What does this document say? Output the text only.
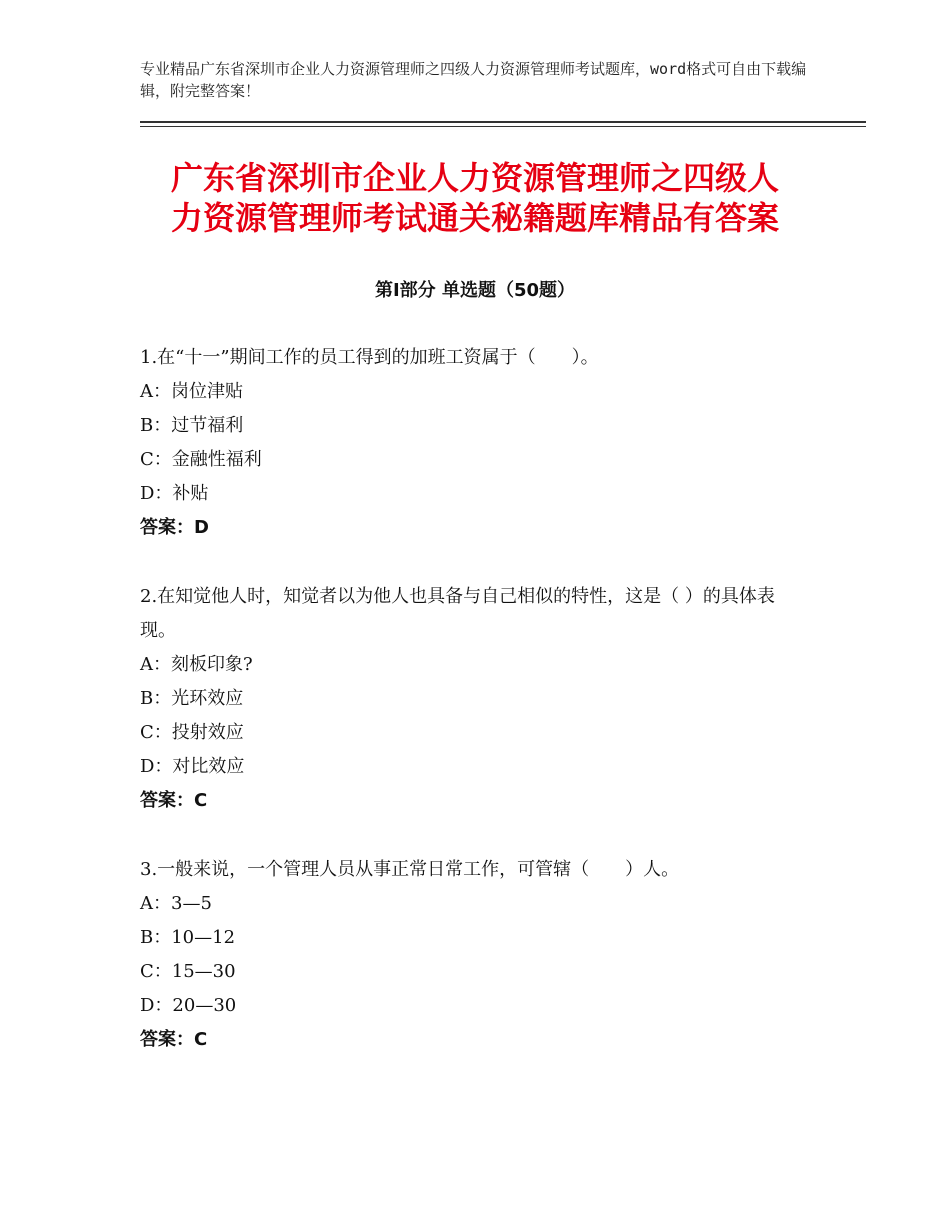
专业精品广东省深圳市企业人力资源管理师之四级人力资源管理师考试题库，word格式可自由下载编辑，附完整答案！
广东省深圳市企业人力资源管理师之四级人
力资源管理师考试通关秘籍题库精品有答案
第Ⅰ部分 单选题（50题）
1.在“十一”期间工作的员工得到的加班工资属于（　　）。
A：岗位津贴
B：过节福利
C：金融性福利
D：补贴
答案：D
2.在知觉他人时，知觉者以为他人也具备与自己相似的特性，这是（ ）的具体表现。
A：刻板印象?
B：光环效应
C：投射效应
D：对比效应
答案：C
3.一般来说，一个管理人员从事正常日常工作，可管辖（　　）人。
A：3—5
B：10—12
C：15—30
D：20—30
答案：C
